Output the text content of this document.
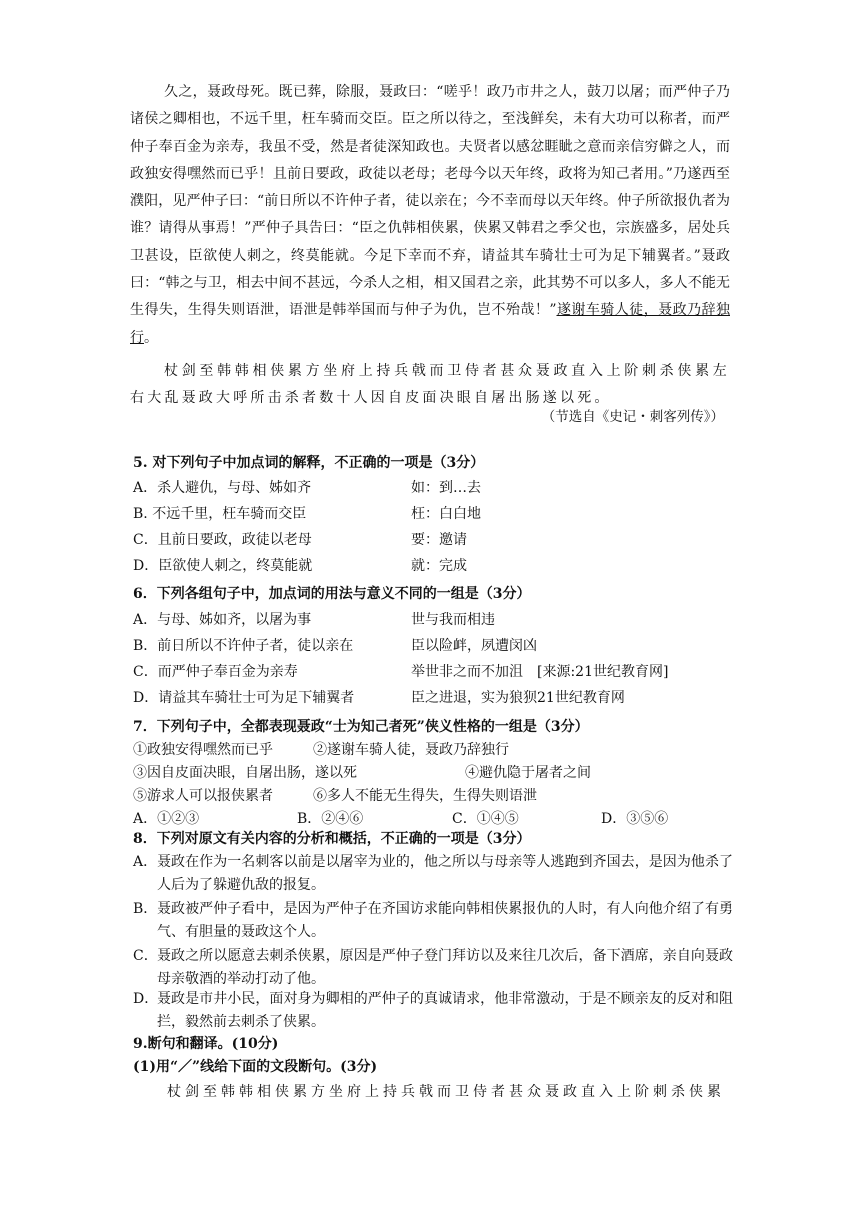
久之，聂政母死。既已葬，除服，聂政曰：“嗟乎！政乃市井之人，鼓刀以屠；而严仲子乃诸侯之卿相也，不远千里，枉车骑而交臣。臣之所以待之，至浅鲜矣，未有大功可以称者，而严仲子奉百金为亲寿，我虽不受，然是者徒深知政也。夫贤者以感忿睚眦之意而亲信穷僻之人，而政独安得嘿然而已乎！且前日要政，政徒以老母；老母今以天年终，政将为知己者用。”乃遂西至濮阳，见严仲子曰：“前日所以不许仲子者，徒以亲在；今不幸而母以天年终。仲子所欲报仇者为谁？请得从事焉！”严仲子具告曰：“臣之仇韩相侠累，侠累又韩君之季父也，宗族盛多，居处兵卫甚设，臣欲使人刺之，终莫能就。今足下幸而不弃，请益其车骑壮士可为足下辅翼者。”聂政曰：“韩之与卫，相去中间不甚远，今杀人之相，相又国君之亲，此其势不可以多人，多人不能无生得失，生得失则语泄，语泄是韩举国而与仲子为仇，岂不殆哉！”遂谢车骑人徒，聂政乃辞独行。

杖剑至韩韩相侠累方坐府上持兵戟而卫侍者甚众聂政直入上阶刺杀侠累左右大乱聂政大呼所击杀者数十人因自皮面决眼自屠出肠遂以死。

（节选自《史记・刺客列传》）
5. 对下列句子中加点词的解释，不正确的一项是（3分）
A．杀人避仇，与母、姊如齐	如：到…去
B. 不远千里，枉车骑而交臣	枉：白白地
C．且前日要政，政徒以老母	要：邀请
D．臣欲使人刺之，终莫能就	就：完成
6．下列各组句子中，加点词的用法与意义不同的一组是（3分）
A．与母、姊如齐，以屠为事	世与我而相违
B．前日所以不许仲子者，徒以亲在	臣以险衅，夙遭闵凶
C．而严仲子奉百金为亲寿	举世非之而不加沮　[来源:21世纪教育网]
D．请益其车骑壮士可为足下辅翼者	臣之进退，实为狼狈21世纪教育网
7．下列句子中，全都表现聂政“士为知己者死”侠义性格的一组是（3分）
①政独安得嘿然而已乎	②遂谢车骑人徒，聂政乃辞独行
③因自皮面决眼，自屠出肠，遂以死	④避仇隐于屠者之间
⑤游求人可以报侠累者	⑥多人不能无生得失，生得失则语泄
A．①②③	B．②④⑥	C．①④⑤	D．③⑤⑥
8．下列对原文有关内容的分析和概括，不正确的一项是（3分）
A． 聂政在作为一名刺客以前是以屠宰为业的，他之所以与母亲等人逃跑到齐国去，是因为他杀了人后为了躲避仇敌的报复。
B． 聂政被严仲子看中，是因为严仲子在齐国访求能向韩相侠累报仇的人时，有人向他介绍了有勇气、有胆量的聂政这个人。
C． 聂政之所以愿意去刺杀侠累，原因是严仲子登门拜访以及来往几次后，备下酒席，亲自向聂政母亲敬酒的举动打动了他。
D．
聂政是市井小民，面对身为卿相的严仲子的真诚请求，他非常激动，于是不顾亲友的反对和阻拦，毅然前去刺杀了侠累。
9.断句和翻译。(10分)
(1)用“／”线给下面的文段断句。(3分)
杖剑至韩韩相侠累方坐府上持兵戟而卫侍者甚众聂政直入上阶刺杀侠累
